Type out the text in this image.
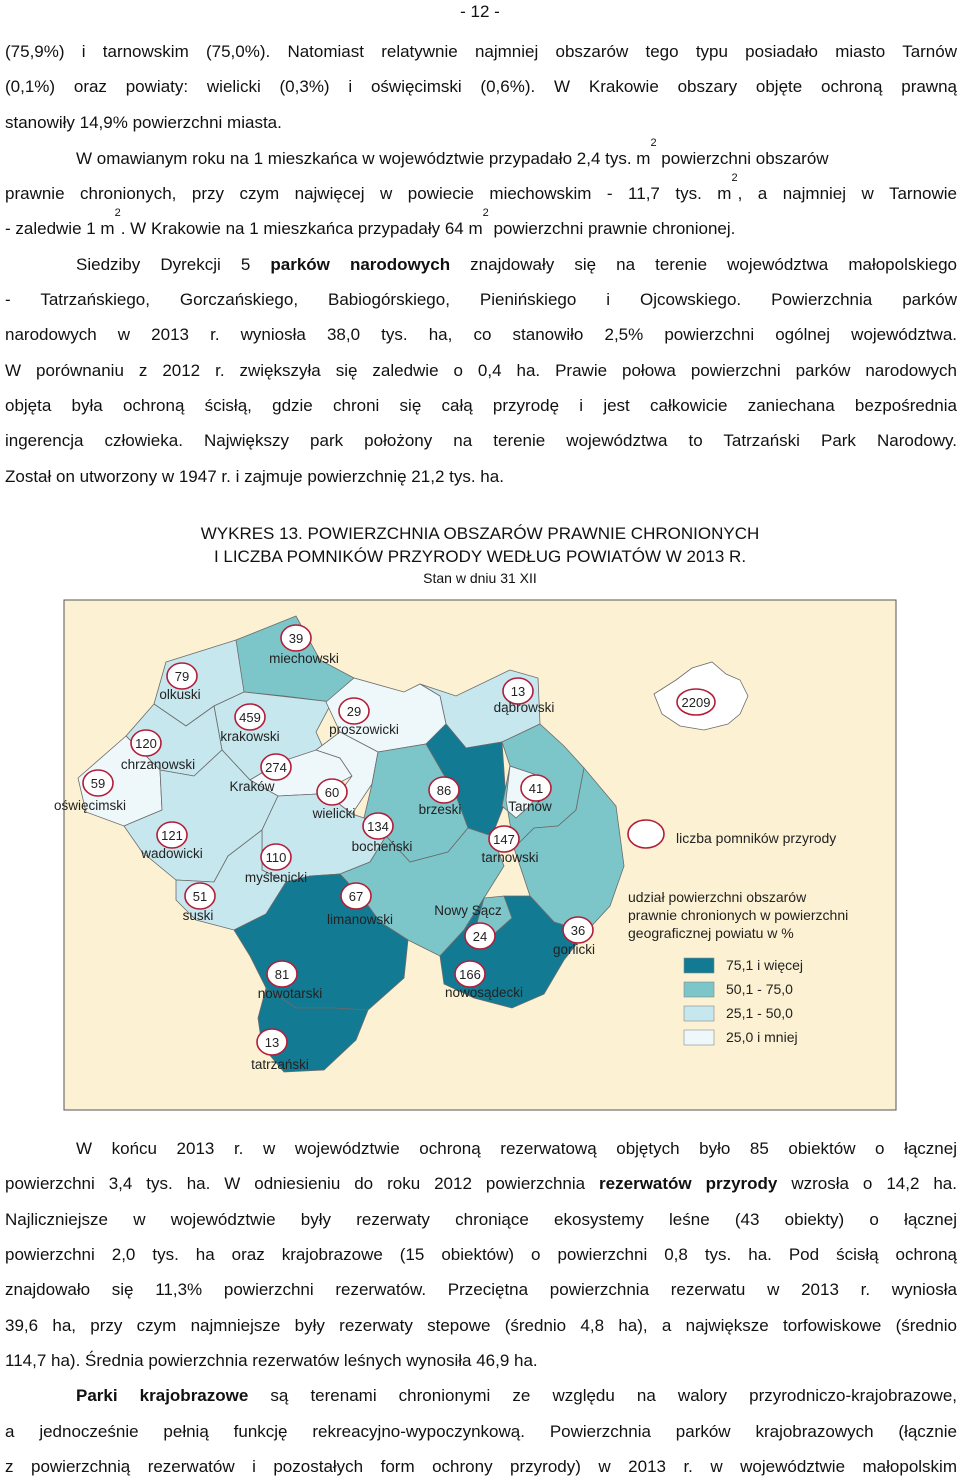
- 12 -
(75,9%) i tarnowskim (75,0%). Natomiast relatywnie najmniej obszarów tego typu posiadało miasto Tarnów
(0,1%) oraz powiaty: wielicki (0,3%) i oświęcimski (0,6%). W Krakowie obszary objęte ochroną prawną
stanowiły 14,9% powierzchni miasta.
W omawianym roku na 1 mieszkańca w województwie przypadało 2,4 tys. $m^2$ powierzchni obszarów
prawnie chronionych, przy czym najwięcej w powiecie miechowskim - 11,7 tys. $m^2$, a najmniej w Tarnowie
- zaledwie 1 $m^2$. W Krakowie na 1 mieszkańca przypadały 64 $m^2$ powierzchni prawnie chronionej.
Siedziby Dyrekcji 5 parków narodowych znajdowały się na terenie województwa małopolskiego
- Tatrzańskiego, Gorczańskiego, Babiogórskiego, Pienińskiego i Ojcowskiego. Powierzchnia parków
narodowych w 2013 r. wyniosła 38,0 tys. ha, co stanowiło 2,5% powierzchni ogólnej województwa.
W porównaniu z 2012 r. zwiększyła się zaledwie o 0,4 ha. Prawie połowa powierzchni parków narodowych
objęta była ochroną ścisłą, gdzie chroni się całą przyrodę i jest całkowicie zaniechana bezpośrednia
ingerencja człowieka. Największy park położony na terenie województwa to Tatrzański Park Narodowy.
Został on utworzony w 1947 r. i zajmuje powierzchnię 21,2 tys. ha.
WYKRES 13. POWIERZCHNIA OBSZARÓW PRAWNIE CHRONIONYCH
I LICZBA POMNIKÓW PRZYRODY WEDŁUG POWIATÓW W 2013 R.
Stan w dniu 31 XII
39
miechowski
79
olkuski	13
dąbrowski
459
krakowski
29
proszowicki
120
chrzanowski	274
Kraków
59
oświęcimski
60
wielicki
86
brzeski
41
Tarnów
121
wadowicki
134
bocheński	147
tarnowski
110
myślenicki
51
suski
67
limanowski
24
Nowy Sącz
36
gorlicki
81
nowotarski
166
nowosądecki
13
tatrzański
2209
liczba pomników przyrody
udział powierzchni obszarów
prawnie chronionych w powierzchni
geograficznej powiatu w %
75,1 i więcej
50,1 - 75,0
25,1 - 50,0
25,0 i mniej
W końcu 2013 r. w województwie ochroną rezerwatową objętych było 85 obiektów o łącznej
powierzchni 3,4 tys. ha. W odniesieniu do roku 2012 powierzchnia rezerwatów przyrody wzrosła o 14,2 ha.
Najliczniejsze w województwie były rezerwaty chroniące ekosystemy leśne (43 obiekty) o łącznej
powierzchni 2,0 tys. ha oraz krajobrazowe (15 obiektów) o powierzchni 0,8 tys. ha. Pod ścisłą ochroną
znajdowało się 11,3% powierzchni rezerwatów. Przeciętna powierzchnia rezerwatu w 2013 r. wyniosła
39,6 ha, przy czym najmniejsze były rezerwaty stepowe (średnio 4,8 ha), a największe torfowiskowe (średnio
114,7 ha). Średnia powierzchnia rezerwatów leśnych wynosiła 46,9 ha.
Parki krajobrazowe są terenami chronionymi ze względu na walory przyrodniczo-krajobrazowe,
a jednocześnie pełnią funkcję rekreacyjno-wypoczynkową. Powierzchnia parków krajobrazowych (łącznie
z powierzchnią rezerwatów i pozostałych form ochrony przyrody) w 2013 r. w województwie małopolskim
